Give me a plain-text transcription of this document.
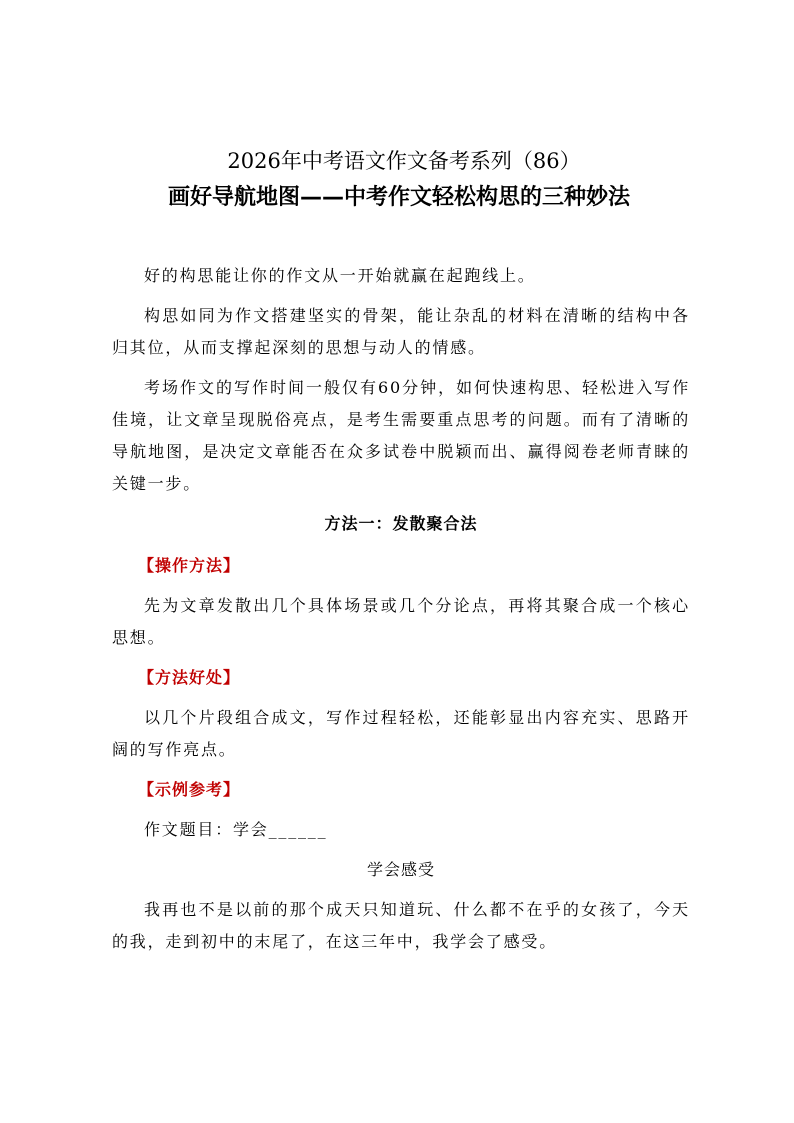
2026年中考语文作文备考系列（86）
画好导航地图——中考作文轻松构思的三种妙法

好的构思能让你的作文从一开始就赢在起跑线上。

构思如同为作文搭建坚实的骨架，能让杂乱的材料在清晰的结构中各归其位，从而支撑起深刻的思想与动人的情感。

考场作文的写作时间一般仅有60分钟，如何快速构思、轻松进入写作佳境，让文章呈现脱俗亮点，是考生需要重点思考的问题。而有了清晰的导航地图，是决定文章能否在众多试卷中脱颖而出、赢得阅卷老师青睐的关键一步。

方法一：发散聚合法
【操作方法】

先为文章发散出几个具体场景或几个分论点，再将其聚合成一个核心思想。

【方法好处】

以几个片段组合成文，写作过程轻松，还能彰显出内容充实、思路开阔的写作亮点。

【示例参考】

作文题目：学会______

学会感受

我再也不是以前的那个成天只知道玩、什么都不在乎的女孩了，今天的我，走到初中的末尾了，在这三年中，我学会了感受。
